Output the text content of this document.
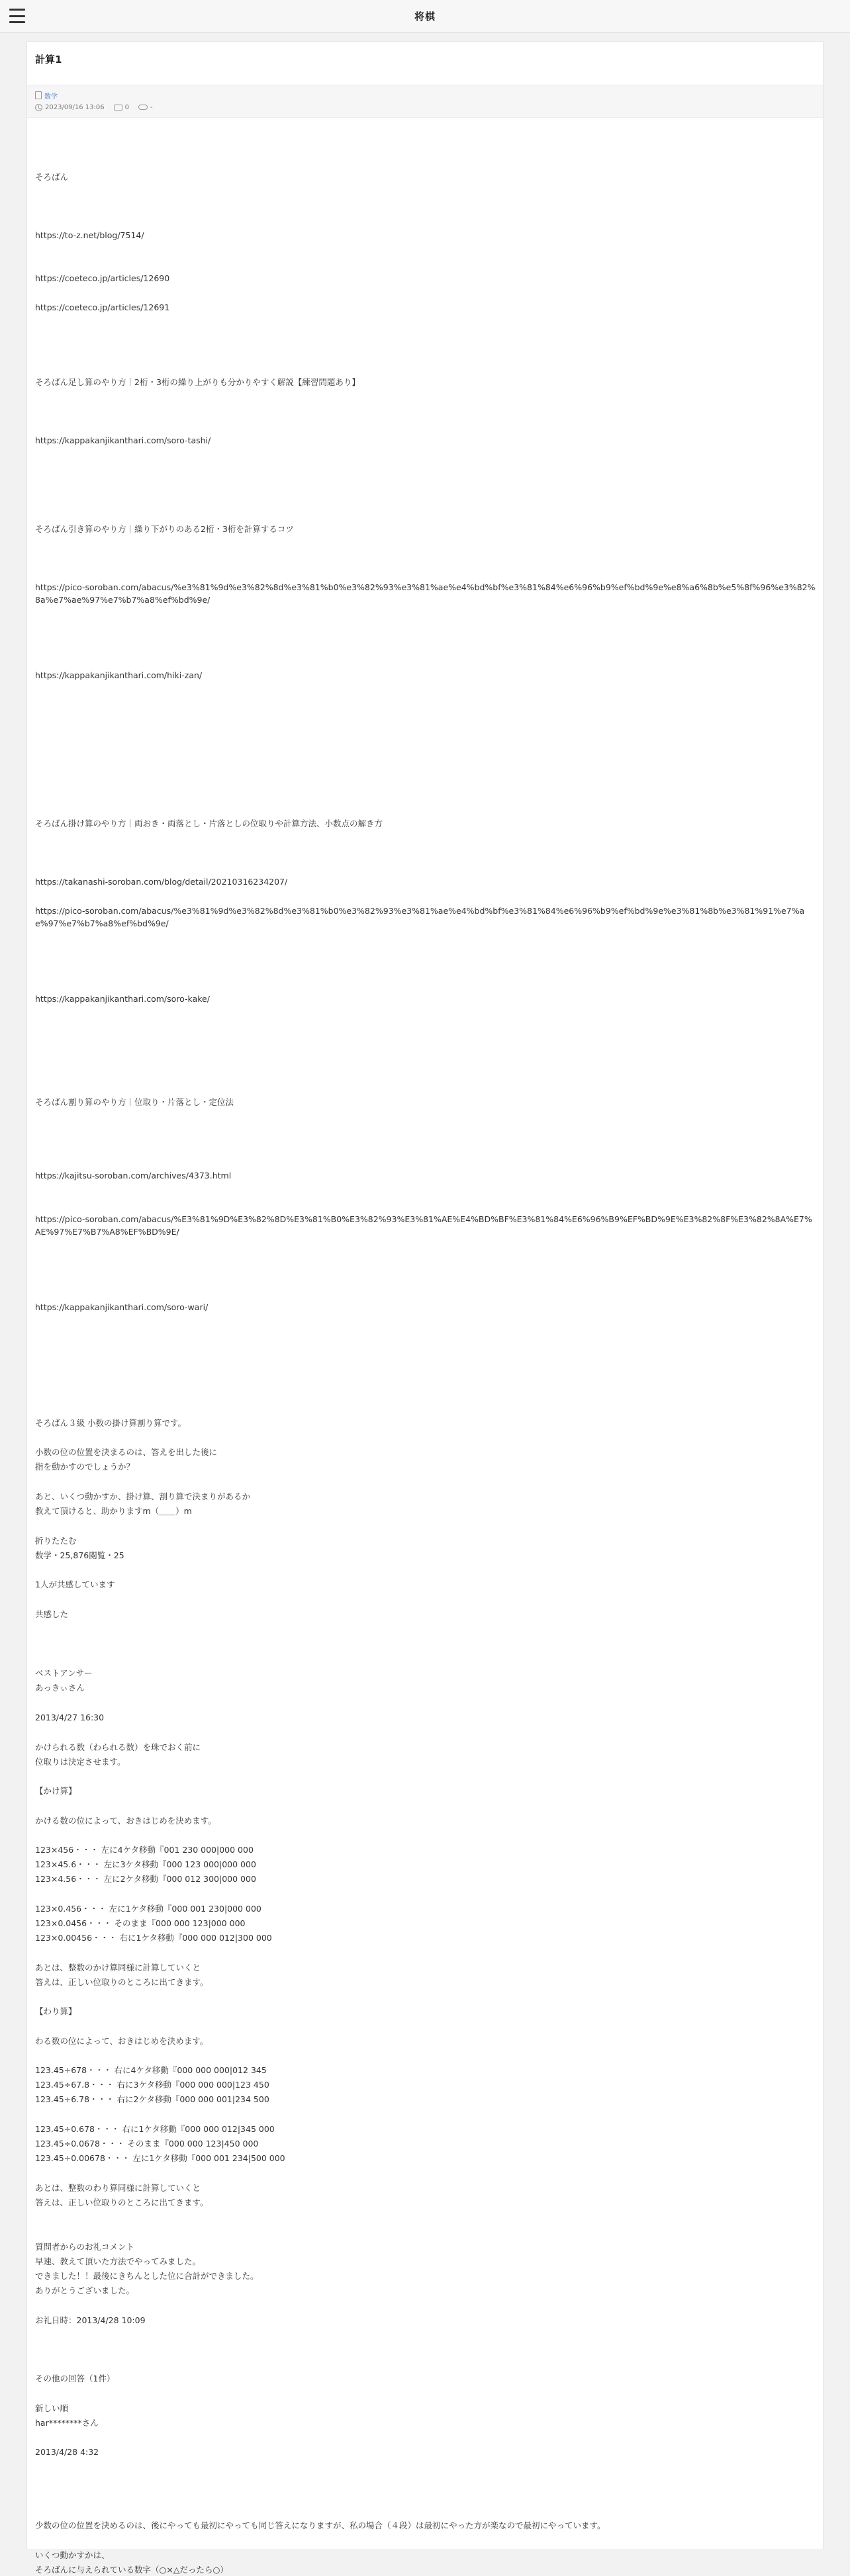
将棋
計算1
数学
2023/09/16 13:06	0	-
そろばん
https://to-z.net/blog/7514/
https://coeteco.jp/articles/12690
https://coeteco.jp/articles/12691
そろばん足し算のやり方｜2桁・3桁の繰り上がりも分かりやすく解説【練習問題あり】
https://kappakanjikanthari.com/soro-tashi/
そろばん引き算のやり方｜繰り下がりのある2桁・3桁を計算するコツ
https://pico-soroban.com/abacus/%e3%81%9d%e3%82%8d%e3%81%b0%e3%82%93%e3%81%ae%e4%bd%bf%e3%81%84%e6%96%b9%ef%bd%9e%e8%a6%8b%e5%8f%96%e3%82%8a%e7%ae%97%e7%b7%a8%ef%bd%9e/
https://kappakanjikanthari.com/hiki-zan/
そろばん掛け算のやり方｜両おき・両落とし・片落としの位取りや計算方法、小数点の解き方
https://takanashi-soroban.com/blog/detail/20210316234207/
https://pico-soroban.com/abacus/%e3%81%9d%e3%82%8d%e3%81%b0%e3%82%93%e3%81%ae%e4%bd%bf%e3%81%84%e6%96%b9%ef%bd%9e%e3%81%8b%e3%81%91%e7%ae%97%e7%b7%a8%ef%bd%9e/
https://kappakanjikanthari.com/soro-kake/
そろばん割り算のやり方｜位取り・片落とし・定位法
https://kajitsu-soroban.com/archives/4373.html
https://pico-soroban.com/abacus/%E3%81%9D%E3%82%8D%E3%81%B0%E3%82%93%E3%81%AE%E4%BD%BF%E3%81%84%E6%96%B9%EF%BD%9E%E3%82%8F%E3%82%8A%E7%AE%97%E7%B7%A8%EF%BD%9E/
https://kappakanjikanthari.com/soro-wari/
そろばん３級 小数の掛け算割り算です。
小数の位の位置を決まるのは、答えを出した後に
指を動かすのでしょうか？
あと、いくつ動かすか、掛け算、割り算で決まりがあるか
教えて頂けると、助かりますm（＿＿）m
折りたたむ
数学・25,876閲覧・25
1人が共感しています
共感した
ベストアンサー
あっきぃさん
2013/4/27 16:30
かけられる数（わられる数）を珠でおく前に
位取りは決定させます。
【かけ算】
かける数の位によって、おきはじめを決めます。
123×456・・・ 左に4ケタ移動『001 230 000|000 000
123×45.6・・・ 左に3ケタ移動『000 123 000|000 000
123×4.56・・・ 左に2ケタ移動『000 012 300|000 000
123×0.456・・・ 左に1ケタ移動『000 001 230|000 000
123×0.0456・・・ そのまま『000 000 123|000 000
123×0.00456・・・ 右に1ケタ移動『000 000 012|300 000
あとは、整数のかけ算同様に計算していくと
答えは、正しい位取りのところに出てきます。
【わり算】
わる数の位によって、おきはじめを決めます。
123.45÷678・・・ 右に4ケタ移動『000 000 000|012 345
123.45÷67.8・・・ 右に3ケタ移動『000 000 000|123 450
123.45÷6.78・・・ 右に2ケタ移動『000 000 001|234 500
123.45÷0.678・・・ 右に1ケタ移動『000 000 012|345 000
123.45÷0.0678・・・ そのまま『000 000 123|450 000
123.45÷0.00678・・・ 左に1ケタ移動『000 001 234|500 000
あとは、整数のわり算同様に計算していくと
答えは、正しい位取りのところに出てきます。
質問者からのお礼コメント
早速、教えて頂いた方法でやってみました。
できました！！最後にきちんとした位に合計ができました。
ありがとうございました。
お礼日時：2013/4/28 10:09
その他の回答（1件）
新しい順
har********さん
2013/4/28 4:32
少数の位の位置を決めるのは、後にやっても最初にやっても同じ答えになりますが、私の場合（４段）は最初にやった方が楽なので最初にやっています。
いくつ動かすかは、
そろばんに与えられている数字（○×△だったら○）
